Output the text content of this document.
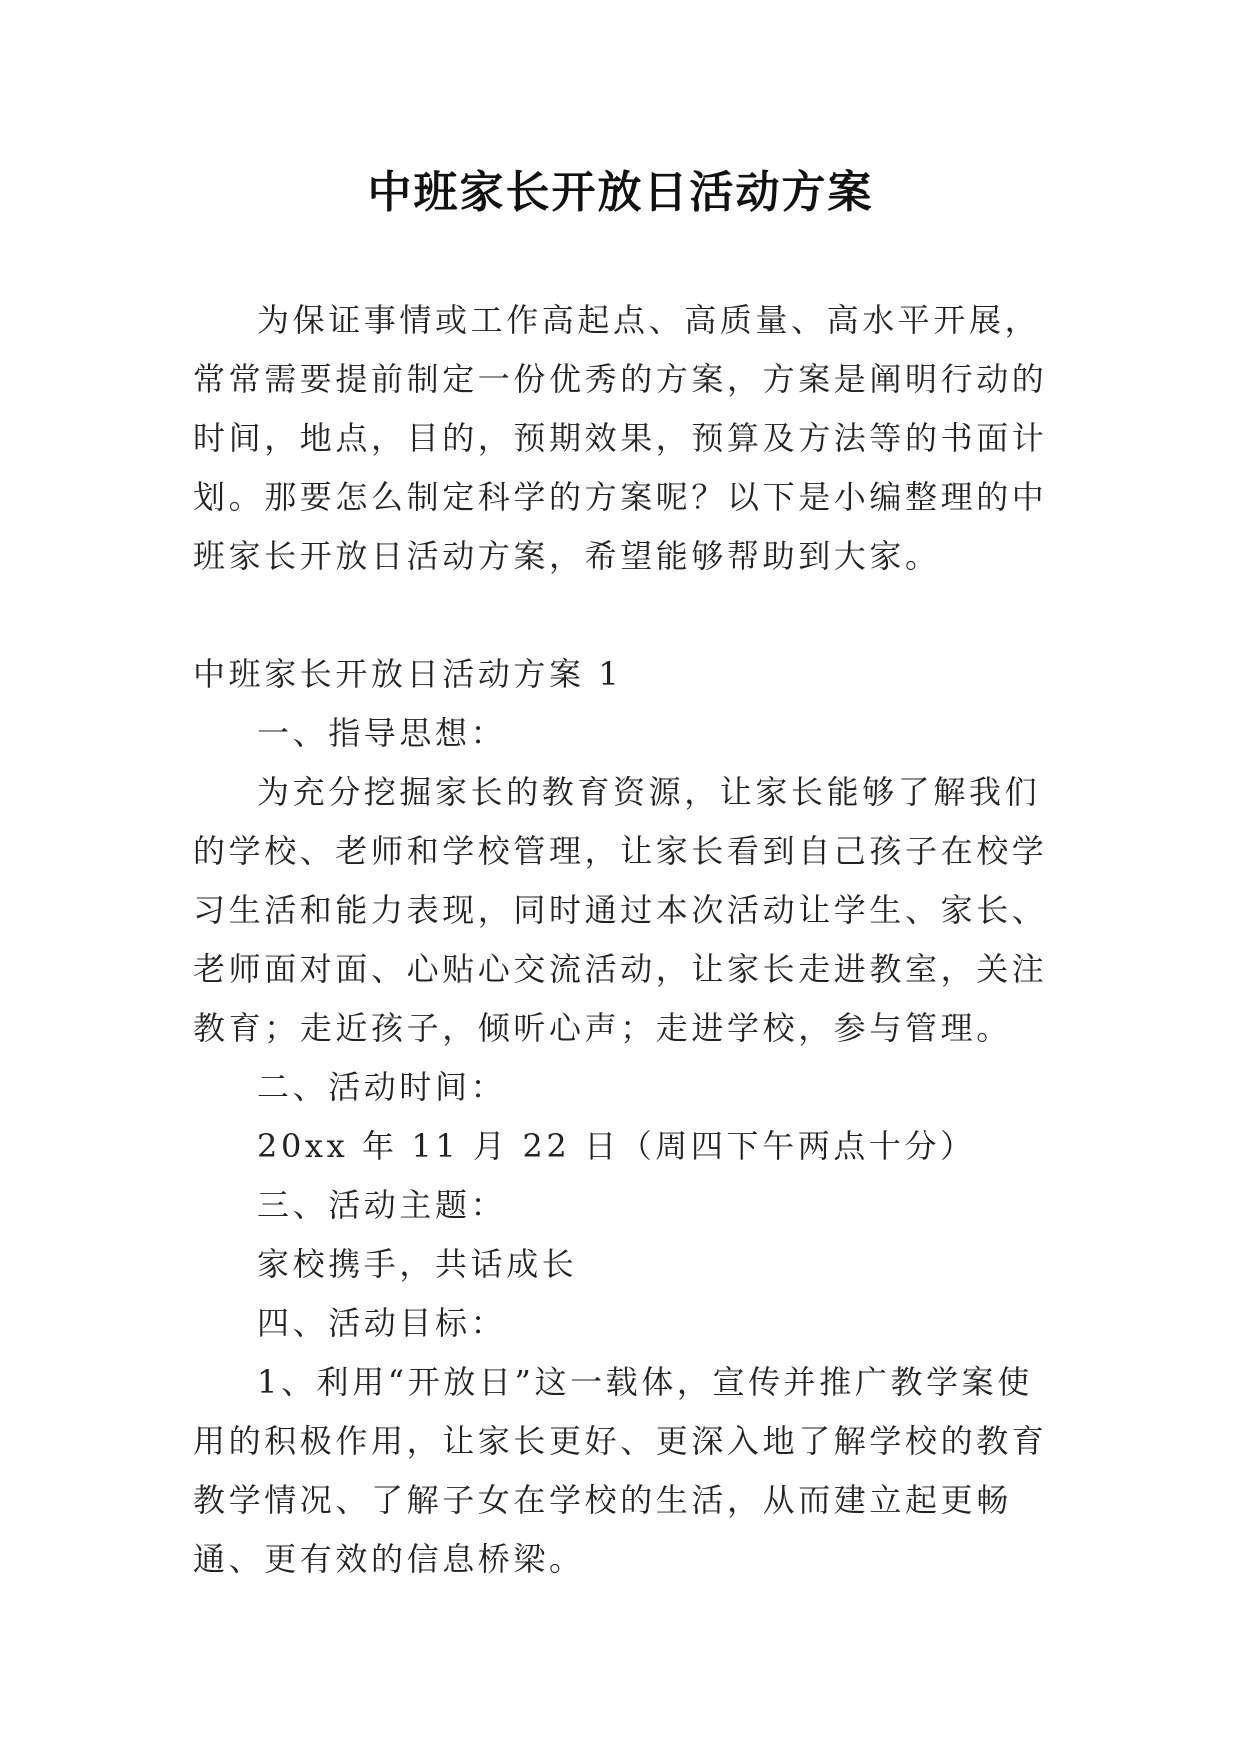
中班家长开放日活动方案

为保证事情或工作高起点、高质量、高水平开展，常常需要提前制定一份优秀的方案，方案是阐明行动的时间，地点，目的，预期效果，预算及方法等的书面计划。那要怎么制定科学的方案呢？以下是小编整理的中班家长开放日活动方案，希望能够帮助到大家。

中班家长开放日活动方案 1

一、指导思想：

为充分挖掘家长的教育资源，让家长能够了解我们的学校、老师和学校管理，让家长看到自己孩子在校学习生活和能力表现，同时通过本次活动让学生、家长、老师面对面、心贴心交流活动，让家长走进教室，关注教育；走近孩子，倾听心声；走进学校，参与管理。

二、活动时间：

20xx 年 11 月 22 日（周四下午两点十分）

三、活动主题：

家校携手，共话成长

四、活动目标：

1、利用“开放日”这一载体，宣传并推广教学案使用的积极作用，让家长更好、更深入地了解学校的教育教学情况、了解子女在学校的生活，从而建立起更畅通、更有效的信息桥梁。
